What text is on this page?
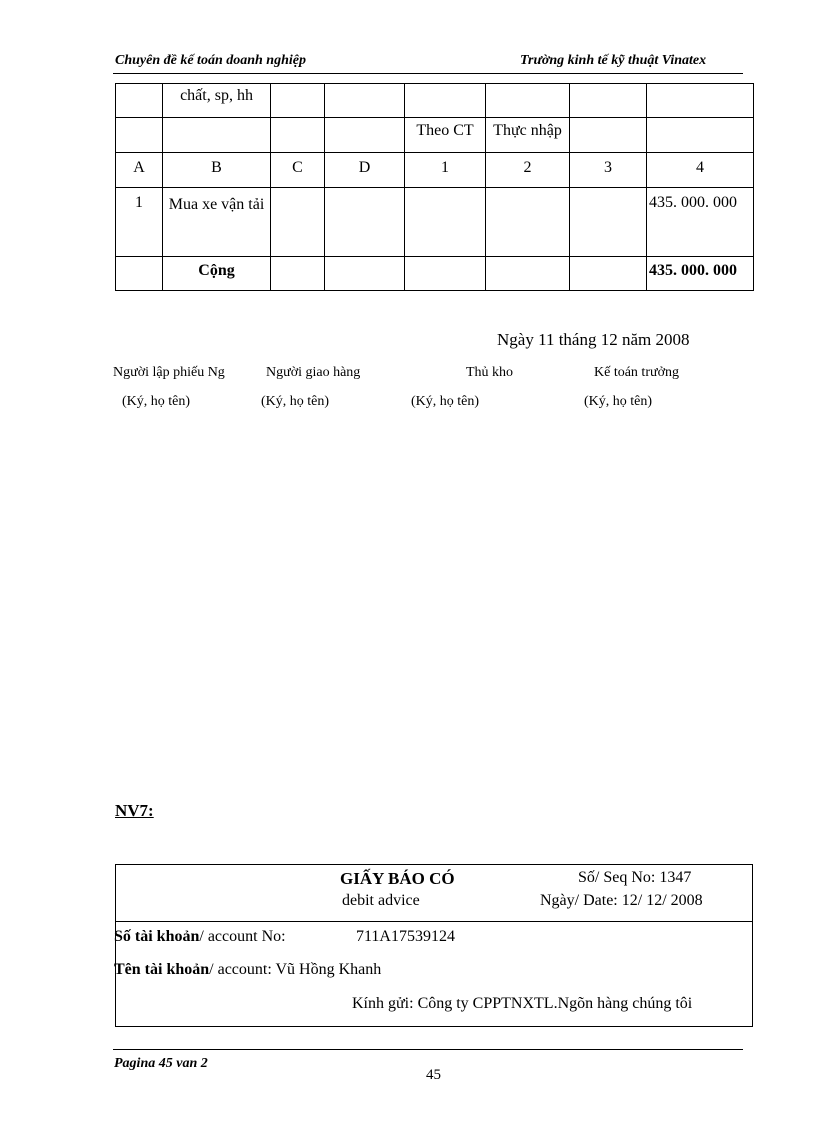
Chuyên đề kế toán doanh nghiệp	Trường kinh tế kỹ thuật Vinatex
	chất, sp, hh						
				Theo CT	Thực nhập		
A	B	C	D	1	2	3	4
1	Mua xe vận tải						435. 000. 000
	Cộng						435. 000. 000
Ngày 11 tháng 12 năm 2008
Người lập phiếu Ng	Người giao hàng	Thủ kho	Kế toán trưởng
(Ký, họ tên)	(Ký, họ tên)	(Ký, họ tên)	(Ký, họ tên)
NV7:
GIẤY BÁO CÓ
debit advice
Số/ Seq No: 1347
Ngày/ Date: 12/ 12/ 2008
Số tài khoản/ account No:	711A17539124
Tên tài khoản/ account: Vũ Hồng Khanh
Kính gửi: Công ty CPPTNXTL.Ngõn hàng chúng tôi
Pagina 45 van 2
45
